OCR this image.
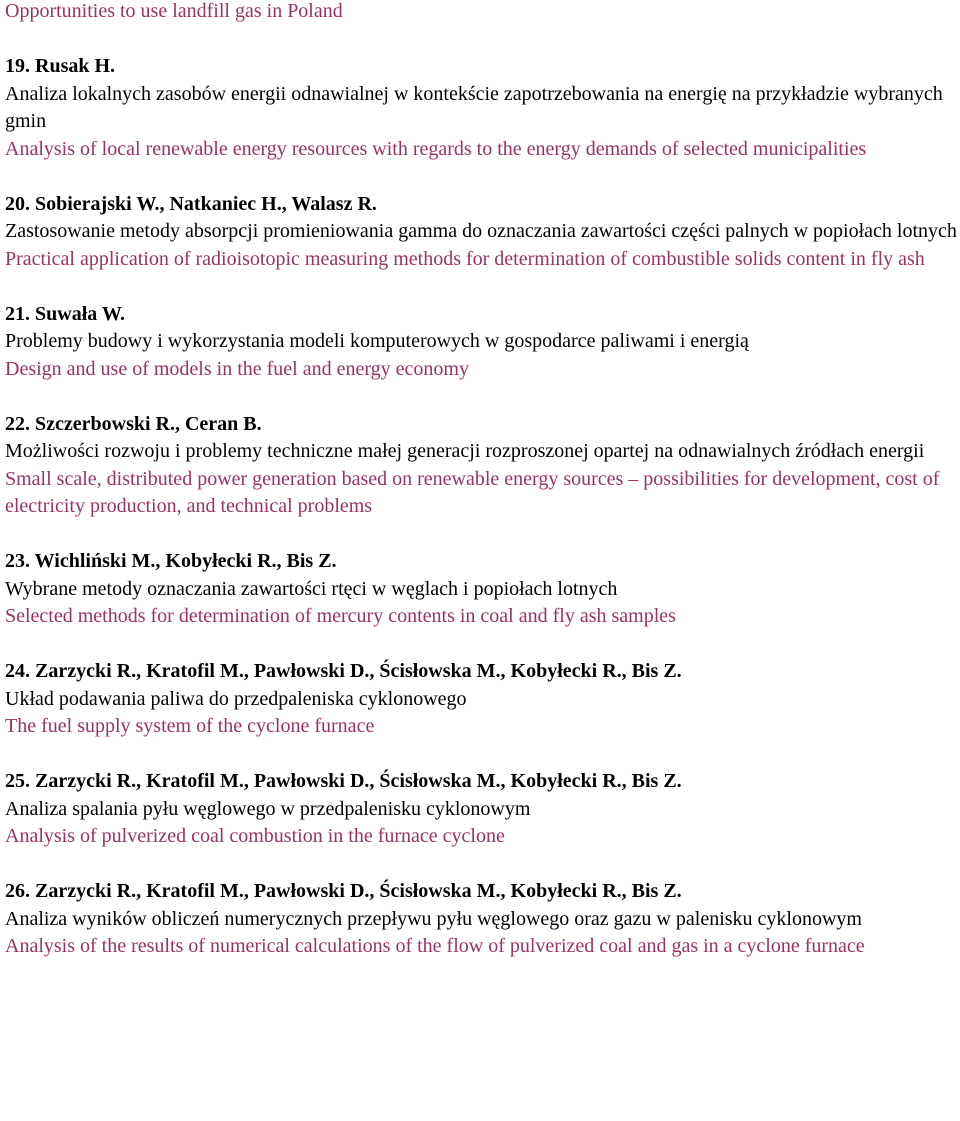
Opportunities to use landfill gas in Poland

19. Rusak H.

Analiza lokalnych zasobów energii odnawialnej w kontekście zapotrzebowania na energię na przykładzie wybranych gmin

Analysis of local renewable energy resources with regards to the energy demands of selected municipalities

20. Sobierajski W., Natkaniec H., Walasz R.

Zastosowanie metody absorpcji promieniowania gamma do oznaczania zawartości części palnych w popiołach lotnych

Practical application of radioisotopic measuring methods for determination of combustible solids content in fly ash

21. Suwała W.

Problemy budowy i wykorzystania modeli komputerowych w gospodarce paliwami i energią

Design and use of models in the fuel and energy economy

22. Szczerbowski R., Ceran B.

Możliwości rozwoju i problemy techniczne małej generacji rozproszonej opartej na odnawialnych źródłach energii

Small scale, distributed power generation based on renewable energy sources – possibilities for development, cost of electricity production, and technical problems

23. Wichliński M., Kobyłecki R., Bis Z.

Wybrane metody oznaczania zawartości rtęci w węglach i popiołach lotnych

Selected methods for determination of mercury contents in coal and fly ash samples

24. Zarzycki R., Kratofil M., Pawłowski D., Ścisłowska M., Kobyłecki R., Bis Z.

Układ podawania paliwa do przedpaleniska cyklonowego

The fuel supply system of the cyclone furnace

25. Zarzycki R., Kratofil M., Pawłowski D., Ścisłowska M., Kobyłecki R., Bis Z.

Analiza spalania pyłu węglowego w przedpalenisku cyklonowym

Analysis of pulverized coal combustion in the furnace cyclone

26. Zarzycki R., Kratofil M., Pawłowski D., Ścisłowska M., Kobyłecki R., Bis Z.

Analiza wyników obliczeń numerycznych przepływu pyłu węglowego oraz gazu w palenisku cyklonowym

Analysis of the results of numerical calculations of the flow of pulverized coal and gas in a cyclone furnace
